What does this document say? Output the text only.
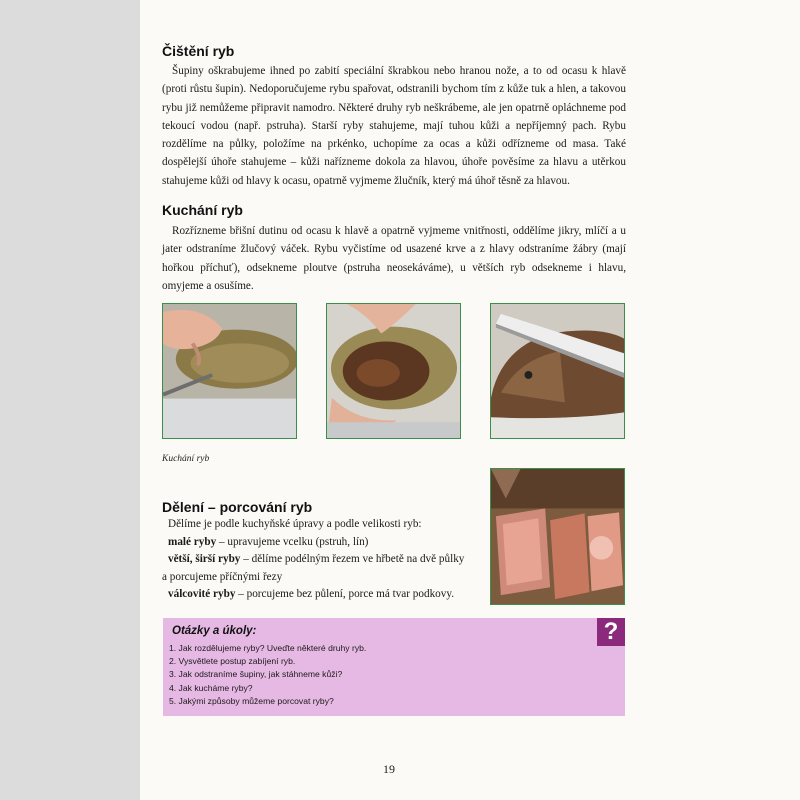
Čištění ryb

Šupiny oškrabujeme ihned po zabití speciální škrabkou nebo hranou nože, a to od ocasu k hlavě (proti růstu šupin). Nedoporučujeme rybu spařovat, odstranili bychom tím z kůže tuk a hlen, a takovou rybu již nemůžeme připravit namodro. Některé druhy ryb neškrábeme, ale jen opatrně opláchneme pod tekoucí vodou (např. pstruha). Starší ryby stahujeme, mají tuhou kůži a nepříjemný pach. Rybu rozdělíme na půlky, položíme na prkénko, uchopíme za ocas a kůži odřízneme od masa. Také dospělejší úhoře stahujeme – kůži nařízneme dokola za hlavou, úhoře pověsíme za hlavu a utěrkou stahujeme kůži od hlavy k ocasu, opatrně vyjmeme žlučník, který má úhoř těsně za hlavou.

Kuchání ryb

Rozřízneme břišní dutinu od ocasu k hlavě a opatrně vyjmeme vnitřnosti, oddělíme jikry, mlíčí a u jater odstraníme žlučový váček. Rybu vyčistíme od usazené krve a z hlavy odstraníme žábry (mají hořkou příchuť), odsekneme ploutve (pstruha neosekáváme), u větších ryb odsekneme i hlavu, omyjeme a osušíme.

Kuchání ryb
Dělení – porcování ryb
Dělíme je podle kuchyňské úpravy a podle velikosti ryb:
malé ryby – upravujeme vcelku (pstruh, lín)
větší, širší ryby – dělíme podélným řezem ve hřbetě na dvě půlky
a porcujeme příčnými řezy
válcovité ryby – porcujeme bez půlení, porce má tvar podkovy.
Otázky a úkoly:	?
1. Jak rozdělujeme ryby? Uveďte některé druhy ryb.
2. Vysvětlete postup zabíjení ryb.
3. Jak odstraníme šupiny, jak stáhneme kůži?
4. Jak kucháme ryby?
5. Jakými způsoby můžeme porcovat ryby?
19
